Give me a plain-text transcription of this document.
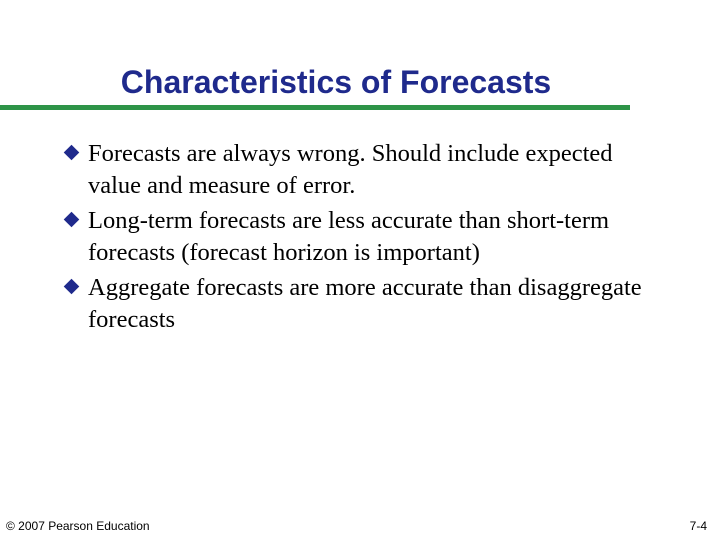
Characteristics of Forecasts
Forecasts are always wrong. Should include expected value and measure of error.
Long-term forecasts are less accurate than short-term forecasts (forecast horizon is important)
Aggregate forecasts are more accurate than disaggregate forecasts
© 2007 Pearson Education	7-4
